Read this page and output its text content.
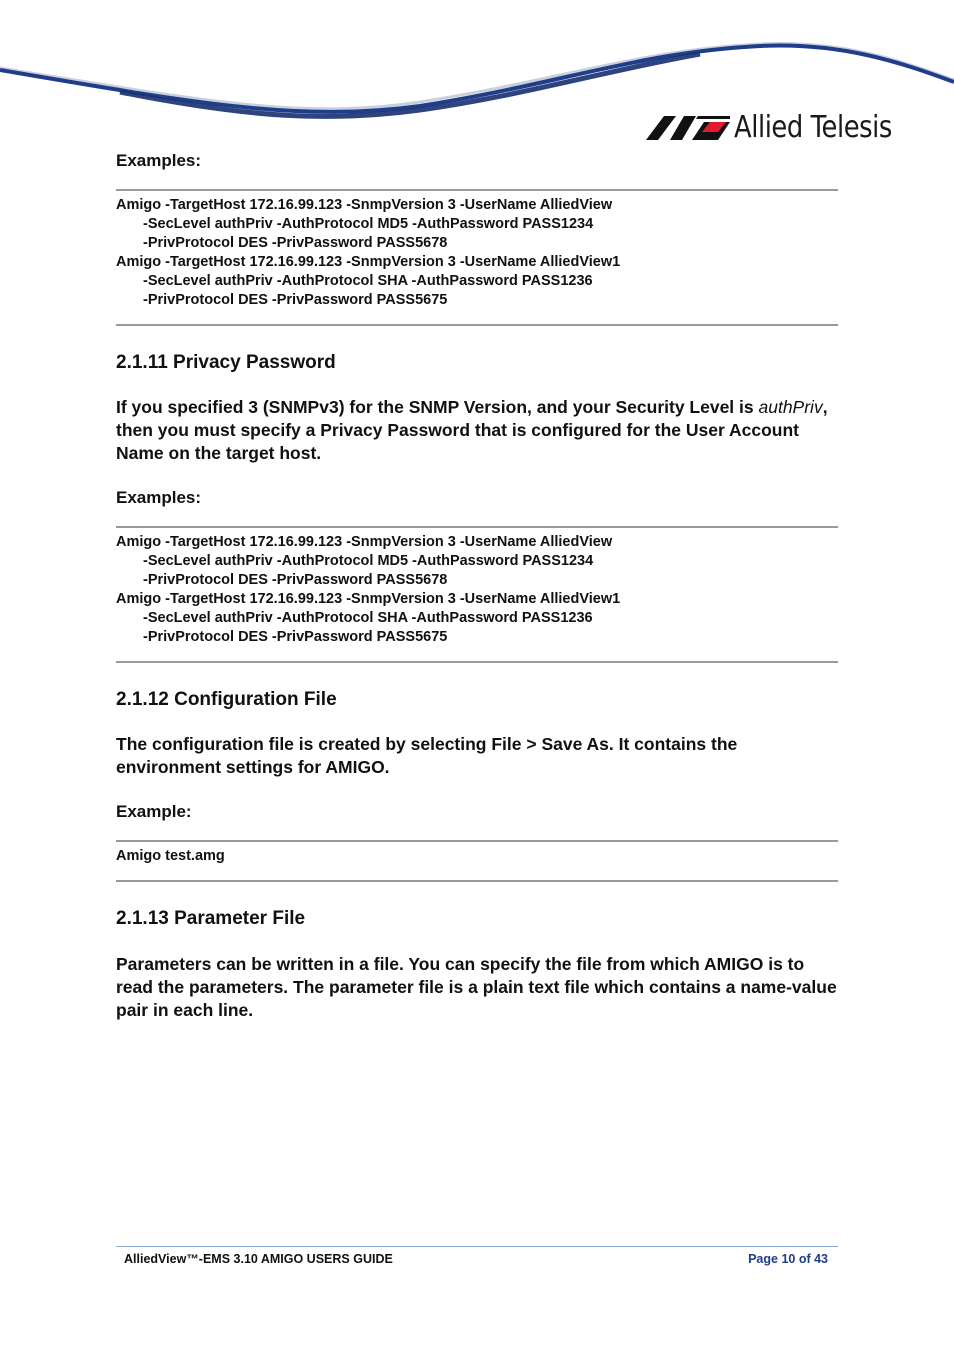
Allied Telesis

Examples:

Amigo -TargetHost 172.16.99.123 -SnmpVersion 3 -UserName AlliedView

-SecLevel authPriv -AuthProtocol MD5 -AuthPassword PASS1234

-PrivProtocol DES -PrivPassword PASS5678

Amigo -TargetHost 172.16.99.123 -SnmpVersion 3 -UserName AlliedView1

-SecLevel authPriv -AuthProtocol SHA -AuthPassword PASS1236

-PrivProtocol DES -PrivPassword PASS5675

2.1.11 Privacy Password

If you specified 3 (SNMPv3) for the SNMP Version, and your Security Level is authPriv, then you must specify a Privacy Password that is configured for the User Account Name on the target host.

Examples:

Amigo -TargetHost 172.16.99.123 -SnmpVersion 3 -UserName AlliedView

-SecLevel authPriv -AuthProtocol MD5 -AuthPassword PASS1234

-PrivProtocol DES -PrivPassword PASS5678

Amigo -TargetHost 172.16.99.123 -SnmpVersion 3 -UserName AlliedView1

-SecLevel authPriv -AuthProtocol SHA -AuthPassword PASS1236

-PrivProtocol DES -PrivPassword PASS5675

2.1.12 Configuration File

The configuration file is created by selecting File > Save As. It contains the environment settings for AMIGO.

Example:

Amigo test.amg

2.1.13 Parameter File

Parameters can be written in a file. You can specify the file from which AMIGO is to read the parameters. The parameter file is a plain text file which contains a name-value pair in each line.

AlliedView™-EMS 3.10 AMIGO USERS GUIDE	Page 10 of 43
